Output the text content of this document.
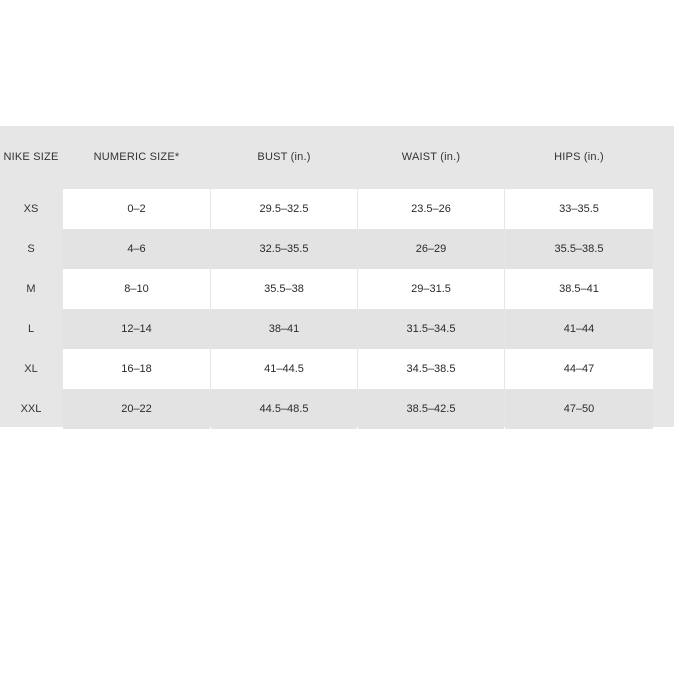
NIKE SIZE	NUMERIC SIZE*	BUST (in.)	WAIST (in.)	HIPS (in.)
XS	0–2	29.5–32.5	23.5–26	33–35.5
S	4–6	32.5–35.5	26–29	35.5–38.5
M	8–10	35.5–38	29–31.5	38.5–41
L	12–14	38–41	31.5–34.5	41–44
XL	16–18	41–44.5	34.5–38.5	44–47
XXL	20–22	44.5–48.5	38.5–42.5	47–50
